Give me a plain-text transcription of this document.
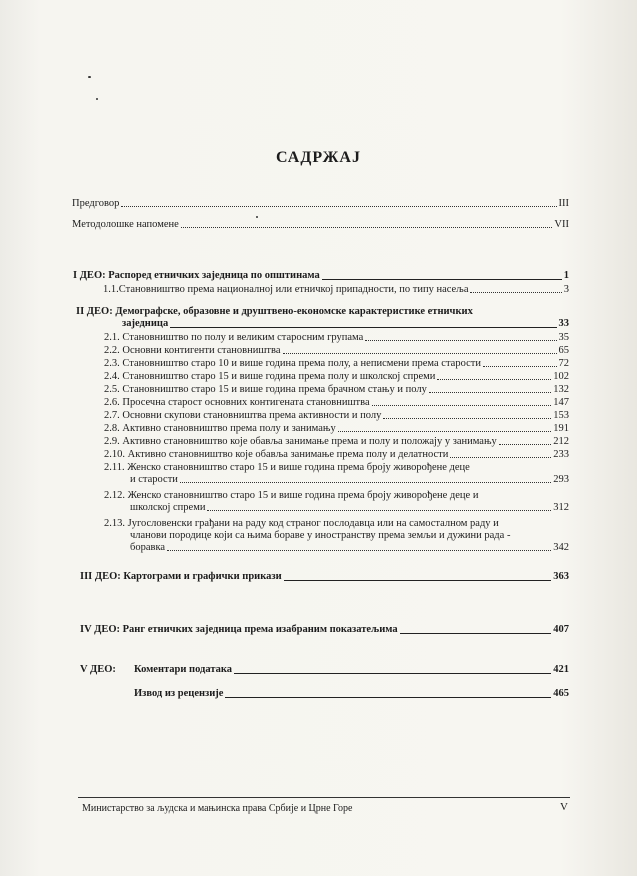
САДРЖАЈ
Предговор	III
Методолошке напомене	VII
I ДЕО: Распоред етничких заједница по општинама	1
1.1.Становништво према националној или етничкој припадности, по типу насеља	3
II ДЕО: Демографске, образовне и друштвено-економске карактеристике етничких
заједница	33
2.1. Становништво по полу и великим старосним групама	35
2.2. Основни контигенти становништва	65
2.3. Становништво старо 10 и више година према полу, а неписмени према старости	72
2.4. Становништво старо 15 и више година према полу и школској спреми	102
2.5. Становништво старо 15 и више година према брачном стању и полу	132
2.6. Просечна старост основних контигената становништва	147
2.7. Основни скупови становништва према активности и полу	153
2.8. Активно становништво према полу и занимању	191
2.9. Активно становништво које обавља занимање према и полу и положају у занимању	212
2.10. Активно становништво које обавља занимање према полу и делатности	233
2.11. Женско становништво старо 15 и више година према броју живорођене деце
и старости	293
2.12. Женско становништво старо 15 и више година према броју живорођене деце и
школској спреми	312
2.13. Југословенски грађани на раду код страног послодавца или на самосталном раду и
чланови породице који са њима бораве у иностранству према земљи и дужини рада -
боравка	342
III ДЕО: Картограми и графички прикази	363
IV ДЕО: Ранг етничких заједница према изабраним показатељима	407
V ДЕО: Коментари података	421
Извод из рецензије	465
Министарство за људска и мањинска права Србије и Црне Горе	V
